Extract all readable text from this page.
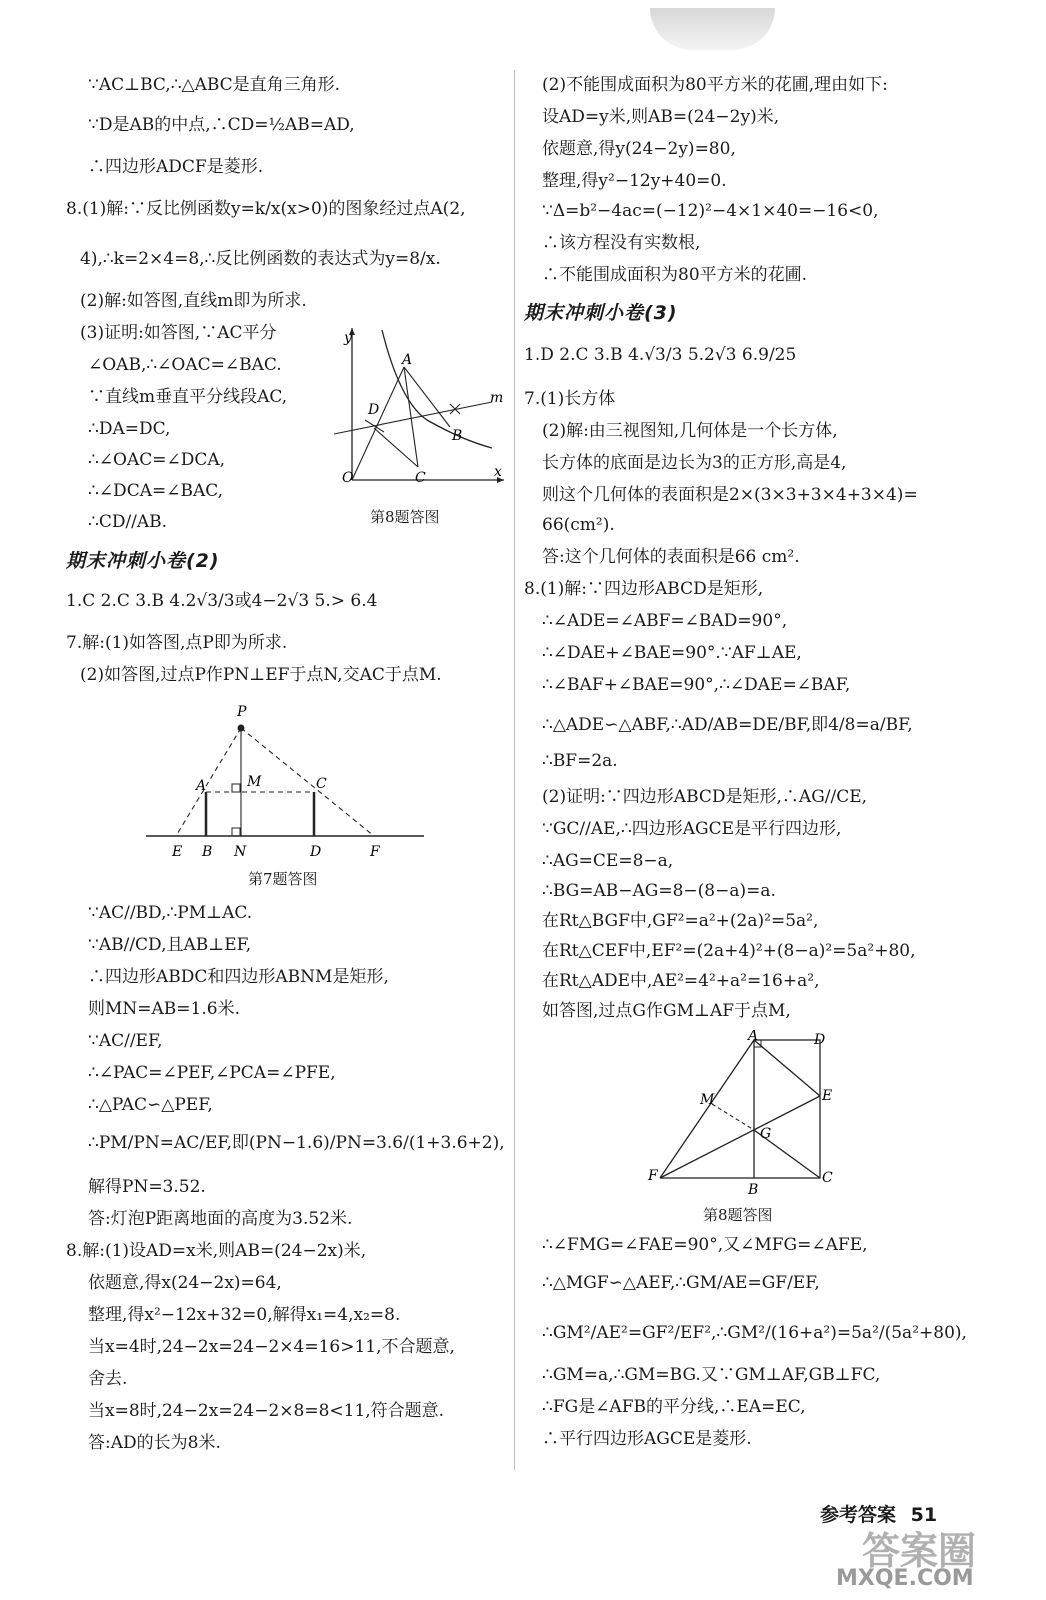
∵AC⊥BC,∴△ABC是直角三角形.
∵D是AB的中点,∴CD=½AB=AD,
∴四边形ADCF是菱形.
8.(1)解:∵反比例函数y=k/x(x>0)的图象经过点A(2,
4),∴k=2×4=8,∴反比例函数的表达式为y=8/x.
(2)解:如答图,直线m即为所求.
(3)证明:如答图,∵AC平分
∠OAB,∴∠OAC=∠BAC.
∵直线m垂直平分线段AC,
∴DA=DC,
∴∠OAC=∠DCA,
∴∠DCA=∠BAC,
∴CD//AB.
y
x
O
A
B
C
D
m
第8题答图
期末冲刺小卷(2)
1.C 2.C 3.B 4.2√3/3或4−2√3 5.> 6.4
7.解:(1)如答图,点P即为所求.
(2)如答图,过点P作PN⊥EF于点N,交AC于点M.
P
A	M	C
E B N	D	F
第7题答图
∵AC//BD,∴PM⊥AC.
∵AB//CD,且AB⊥EF,
∴四边形ABDC和四边形ABNM是矩形,
则MN=AB=1.6米.
∵AC//EF,
∴∠PAC=∠PEF,∠PCA=∠PFE,
∴△PAC∽△PEF,
∴PM/PN=AC/EF,即(PN−1.6)/PN=3.6/(1+3.6+2),
解得PN=3.52.
答:灯泡P距离地面的高度为3.52米.
8.解:(1)设AD=x米,则AB=(24−2x)米,
依题意,得x(24−2x)=64,
整理,得x²−12x+32=0,解得x₁=4,x₂=8.
当x=4时,24−2x=24−2×4=16>11,不合题意,
舍去.
当x=8时,24−2x=24−2×8=8<11,符合题意.
答:AD的长为8米.
(2)不能围成面积为80平方米的花圃,理由如下:
设AD=y米,则AB=(24−2y)米,
依题意,得y(24−2y)=80,
整理,得y²−12y+40=0.
∵Δ=b²−4ac=(−12)²−4×1×40=−16<0,
∴该方程没有实数根,
∴不能围成面积为80平方米的花圃.
期末冲刺小卷(3)
1.D 2.C 3.B 4.√3/3 5.2√3 6.9/25
7.(1)长方体
(2)解:由三视图知,几何体是一个长方体,
长方体的底面是边长为3的正方形,高是4,
则这个几何体的表面积是2×(3×3+3×4+3×4)=
66(cm²).
答:这个几何体的表面积是66 cm².
8.(1)解:∵四边形ABCD是矩形,
∴∠ADE=∠ABF=∠BAD=90°,
∴∠DAE+∠BAE=90°.∵AF⊥AE,
∴∠BAF+∠BAE=90°,∴∠DAE=∠BAF,
∴△ADE∽△ABF,∴AD/AB=DE/BF,即4/8=a/BF,
∴BF=2a.
(2)证明:∵四边形ABCD是矩形,∴AG//CE,
∵GC//AE,∴四边形AGCE是平行四边形,
∴AG=CE=8−a,
∴BG=AB−AG=8−(8−a)=a.
在Rt△BGF中,GF²=a²+(2a)²=5a²,
在Rt△CEF中,EF²=(2a+4)²+(8−a)²=5a²+80,
在Rt△ADE中,AE²=4²+a²=16+a²,
如答图,过点G作GM⊥AF于点M,
A	D
E
G
M
F
B
C
第8题答图
∴∠FMG=∠FAE=90°,又∠MFG=∠AFE,
∴△MGF∽△AEF,∴GM/AE=GF/EF,
∴GM²/AE²=GF²/EF²,∴GM²/(16+a²)=5a²/(5a²+80),
∴GM=a,∴GM=BG.又∵GM⊥AF,GB⊥FC,
∴FG是∠AFB的平分线,∴EA=EC,
∴平行四边形AGCE是菱形.
参考答案 51
答案圈
MXQE.COM
